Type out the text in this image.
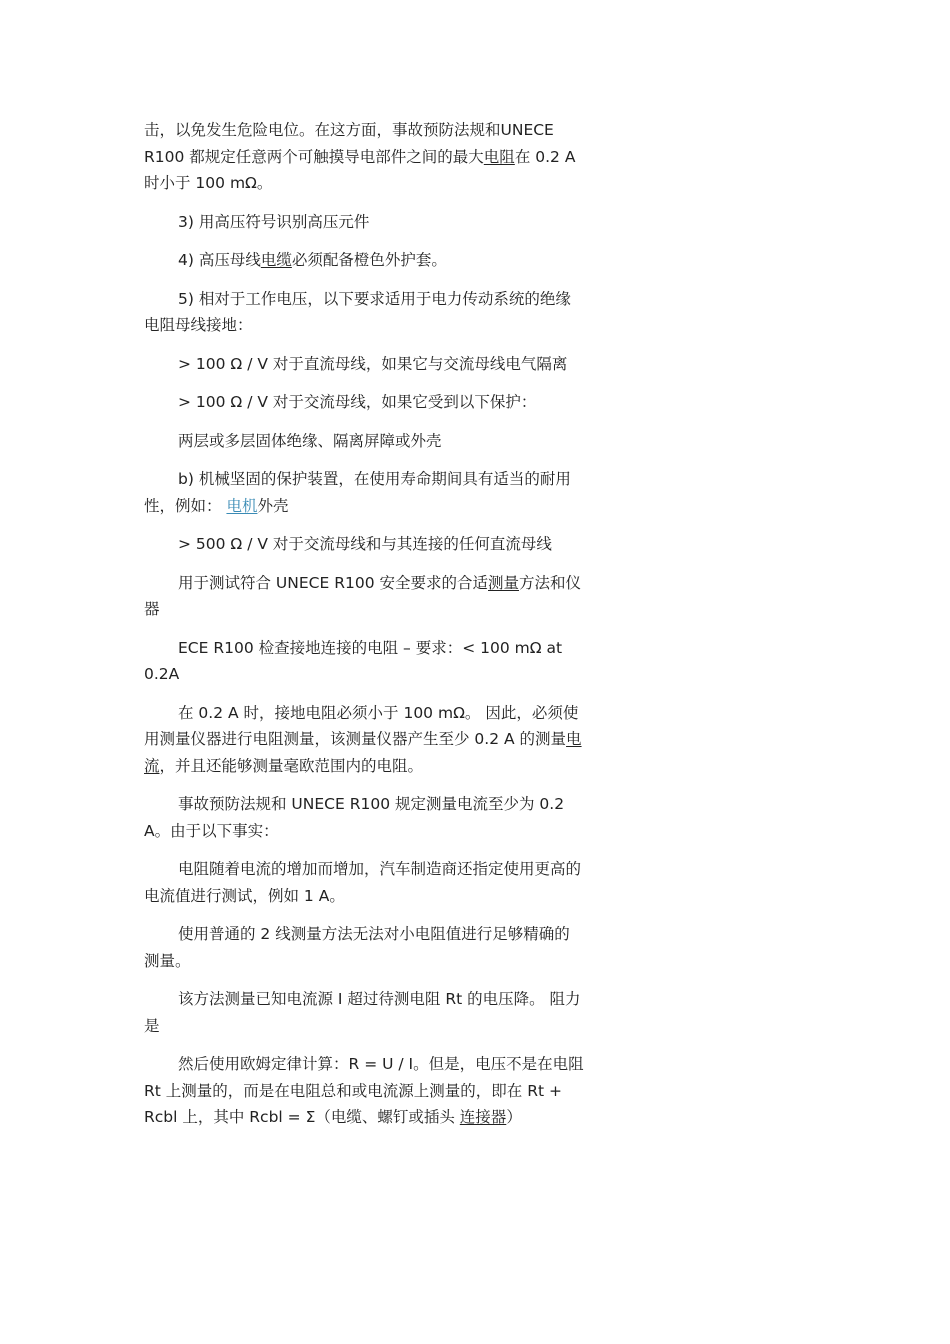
击，以免发生危险电位。在这方面，事故预防法规和UNECE R100 都规定任意两个可触摸导电部件之间的最大电阻在 0.2 A 时小于 100 mΩ。

3) 用高压符号识别高压元件

4) 高压母线电缆必须配备橙色外护套。

5) 相对于工作电压，以下要求适用于电力传动系统的绝缘电阻母线接地：

> 100 Ω / V 对于直流母线，如果它与交流母线电气隔离

> 100 Ω / V 对于交流母线，如果它受到以下保护：

两层或多层固体绝缘、隔离屏障或外壳

b) 机械坚固的保护装置，在使用寿命期间具有适当的耐用性，例如： 电机外壳

> 500 Ω / V 对于交流母线和与其连接的任何直流母线

用于测试符合 UNECE R100 安全要求的合适测量方法和仪器

ECE R100 检查接地连接的电阻 – 要求：< 100 mΩ at 0.2A

在 0.2 A 时，接地电阻必须小于 100 mΩ。 因此，必须使用测量仪器进行电阻测量，该测量仪器产生至少 0.2 A 的测量电流，并且还能够测量毫欧范围内的电阻。

事故预防法规和 UNECE R100 规定测量电流至少为 0.2 A。由于以下事实：

电阻随着电流的增加而增加，汽车制造商还指定使用更高的电流值进行测试，例如 1 A。

使用普通的 2 线测量方法无法对小电阻值进行足够精确的测量。

该方法测量已知电流源 I 超过待测电阻 Rt 的电压降。 阻力是

然后使用欧姆定律计算：R = U / I。但是，电压不是在电阻 Rt 上测量的，而是在电阻总和或电流源上测量的，即在 Rt + Rcbl 上，其中 Rcbl = Σ（电缆、螺钉或插头 连接器）
